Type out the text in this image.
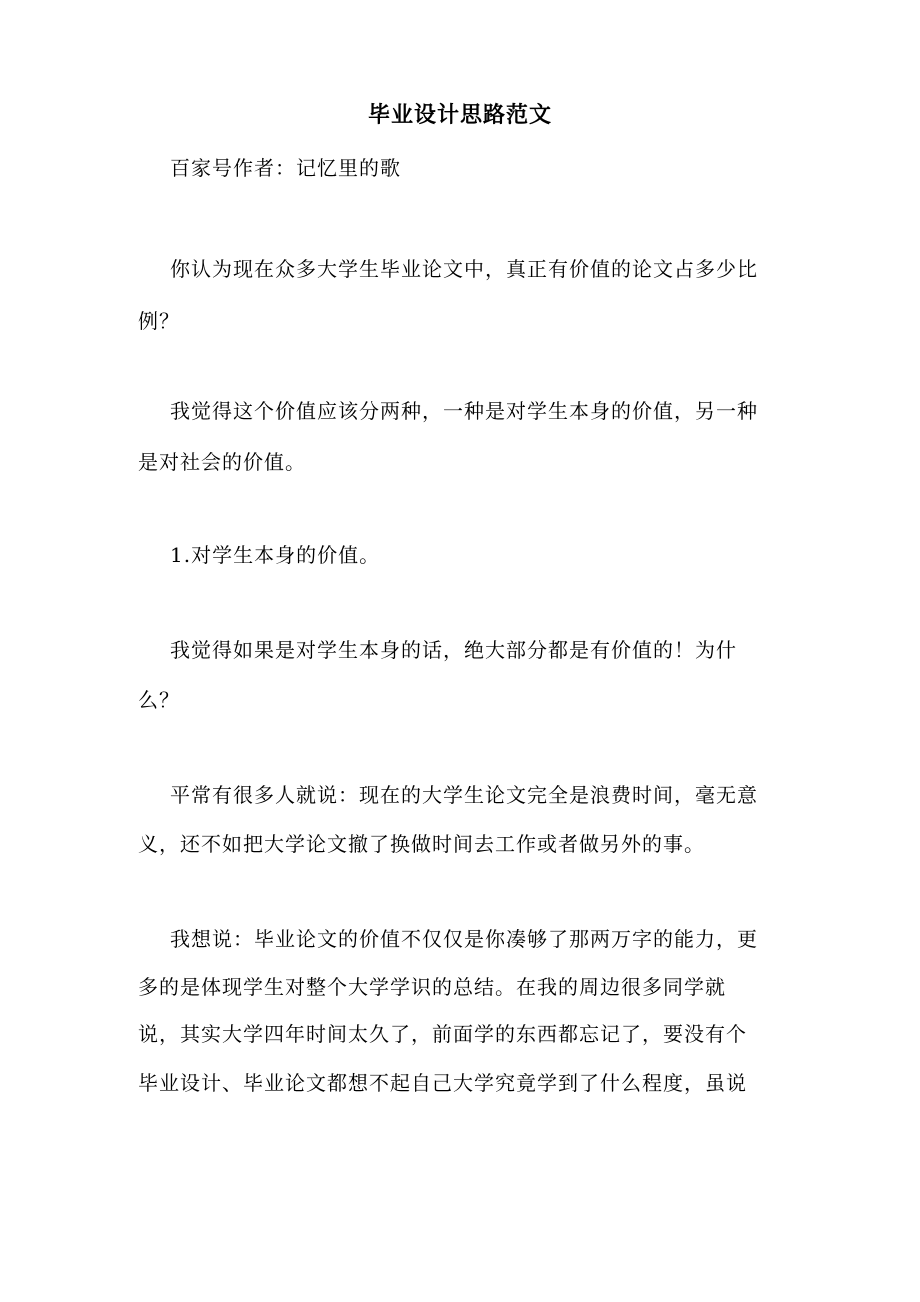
毕业设计思路范文
百家号作者：记忆里的歌
你认为现在众多大学生毕业论文中，真正有价值的论文占多少比
例？
我觉得这个价值应该分两种，一种是对学生本身的价值，另一种
是对社会的价值。
1.对学生本身的价值。
我觉得如果是对学生本身的话，绝大部分都是有价值的！为什
么？
平常有很多人就说：现在的大学生论文完全是浪费时间，毫无意
义，还不如把大学论文撤了换做时间去工作或者做另外的事。
我想说：毕业论文的价值不仅仅是你凑够了那两万字的能力，更
多的是体现学生对整个大学学识的总结。在我的周边很多同学就
说，其实大学四年时间太久了，前面学的东西都忘记了，要没有个
毕业设计、毕业论文都想不起自己大学究竟学到了什么程度，虽说
